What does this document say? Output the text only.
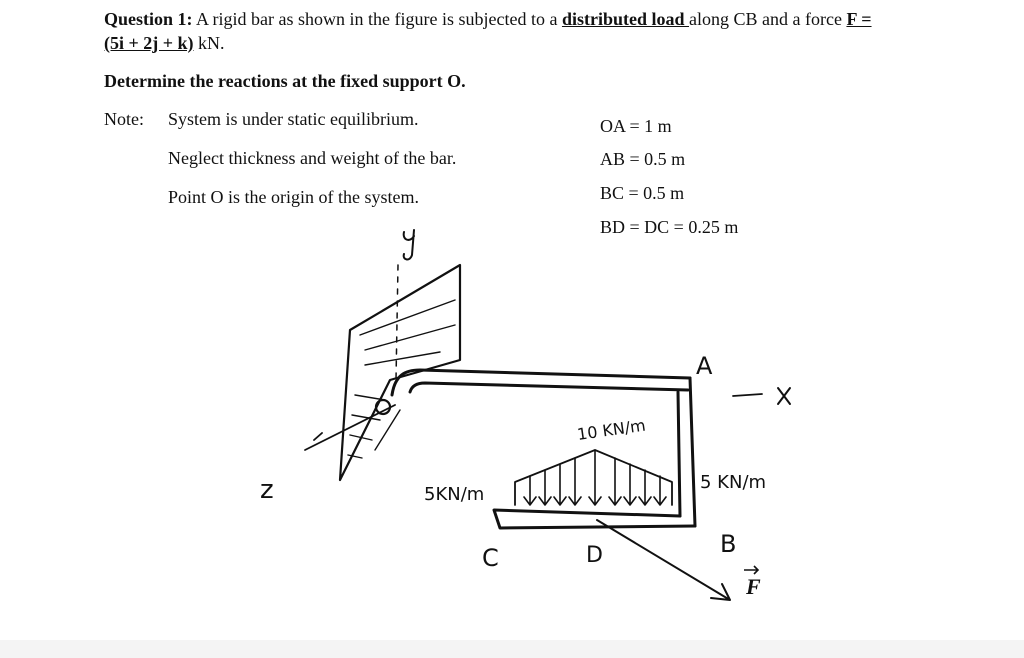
Question 1: A rigid bar as shown in the figure is subjected to a distributed load along CB and a force F =
(5i + 2j + k) kN.
Determine the reactions at the fixed support O.
Note: System is under static equilibrium.
Neglect thickness and weight of the bar.
Point O is the origin of the system.
OA = 1 m
AB = 0.5 m
BC = 0.5 m
BD = DC = 0.25 m
z
A
B
C	D
5KN/m
10 KN/m
5 KN/m
F
